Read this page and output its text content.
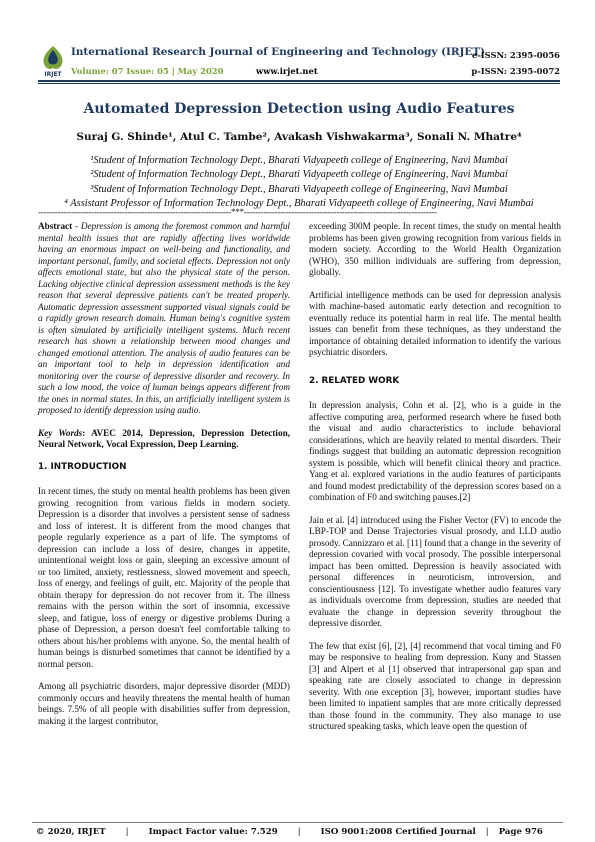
IRJET
International Research Journal of Engineering and Technology (IRJET)
Volume: 07 Issue: 05 | May 2020	www.irjet.net
e-ISSN: 2395-0056
p-ISSN: 2395-0072
Automated Depression Detection using Audio Features
Suraj G. Shinde¹, Atul C. Tambe², Avakash Vishwakarma³, Sonali N. Mhatre⁴
¹Student of Information Technology Dept., Bharati Vidyapeeth college of Engineering, Navi Mumbai
²Student of Information Technology Dept., Bharati Vidyapeeth college of Engineering, Navi Mumbai
³Student of Information Technology Dept., Bharati Vidyapeeth college of Engineering, Navi Mumbai
⁴ Assistant Professor of Information Technology Dept., Bharati Vidyapeeth college of Engineering, Navi Mumbai
---------------------------------------------------------------------***---------------------------------------------------------------------

Abstract - Depression is among the foremost common and harmful mental health issues that are rapidly affecting lives worldwide having an enormous impact on well-being and functionality, and important personal, family, and societal effects. Depression not only affects emotional state, but also the physical state of the person. Lacking objective clinical depression assessment methods is the key reason that several depressive patients can't be treated properly. Automatic depression assessment supported visual signals could be a rapidly grown research domain. Human being's cognitive system is often simulated by artificially intelligent systems. Much recent research has shown a relationship between mood changes and changed emotional attention. The analysis of audio features can be an important tool to help in depression identification and monitoring over the course of depressive disorder and recovery. In such a low mood, the voice of human beings appears different from the ones in normal states. In this, an artificially intelligent system is proposed to identify depression using audio.

Key Words: AVEC 2014, Depression, Depression Detection, Neural Network, Vocal Expression, Deep Learning.

1. INTRODUCTION

In recent times, the study on mental health problems has been given growing recognition from various fields in modern society. Depression is a disorder that involves a persistent sense of sadness and loss of interest. It is different from the mood changes that people regularly experience as a part of life. The symptoms of depression can include a loss of desire, changes in appetite, unintentional weight loss or gain, sleeping an excessive amount of or too limited, anxiety, restlessness, slowed movement and speech, loss of energy, and feelings of guilt, etc. Majority of the people that obtain therapy for depression do not recover from it. The illness remains with the person within the sort of insomnia, excessive sleep, and fatigue, loss of energy or digestive problems During a phase of Depression, a person doesn't feel comfortable talking to others about his/her problems with anyone. So, the mental health of human beings is disturbed sometimes that cannot be identified by a normal person.

Among all psychiatric disorders, major depressive disorder (MDD) commonly occurs and heavily threatens the mental health of human beings. 7.5% of all people with disabilities suffer from depression, making it the largest contributor,

exceeding 300M people. In recent times, the study on mental health problems has been given growing recognition from various fields in modern society. According to the World Health Organization (WHO), 350 million individuals are suffering from depression, globally.

Artificial intelligence methods can be used for depression analysis with machine-based automatic early detection and recognition to eventually reduce its potential harm in real life. The mental health issues can benefit from these techniques, as they understand the importance of obtaining detailed information to identify the various psychiatric disorders.

2. RELATED WORK

In depression analysis, Cohn et al. [2], who is a guide in the affective computing area, performed research where he fused both the visual and audio characteristics to include behavioral considerations, which are heavily related to mental disorders. Their findings suggest that building an automatic depression recognition system is possible, which will benefit clinical theory and practice. Yang et al. explored variations in the audio features of participants and found modest predictability of the depression scores based on a combination of F0 and switching pauses.[2]

Jain et al. [4] introduced using the Fisher Vector (FV) to encode the LBP-TOP and Dense Trajectories visual prosody, and LLD audio prosody. Cannizzaro et al. [11] found that a change in the severity of depression covaried with vocal prosody. The possible interpersonal impact has been omitted. Depression is heavily associated with personal differences in neuroticism, introversion, and conscientiousness [12]. To investigate whether audio features vary as individuals overcome from depression, studies are needed that evaluate the change in depression severity throughout the depressive disorder.

The few that exist [6], [2], [4] recommend that vocal timing and F0 may be responsive to healing from depression. Kuny and Stassen [3] and Alpert et al [1] observed that intrapersonal gap span and speaking rate are closely associated to change in depression severity. With one exception [3], however, important studies have been limited to inpatient samples that are more critically depressed than those found in the community. They also manage to use structured speaking tasks, which leave open the question of

© 2020, IRJET | Impact Factor value: 7.529 | ISO 9001:2008 Certified Journal | Page 976
